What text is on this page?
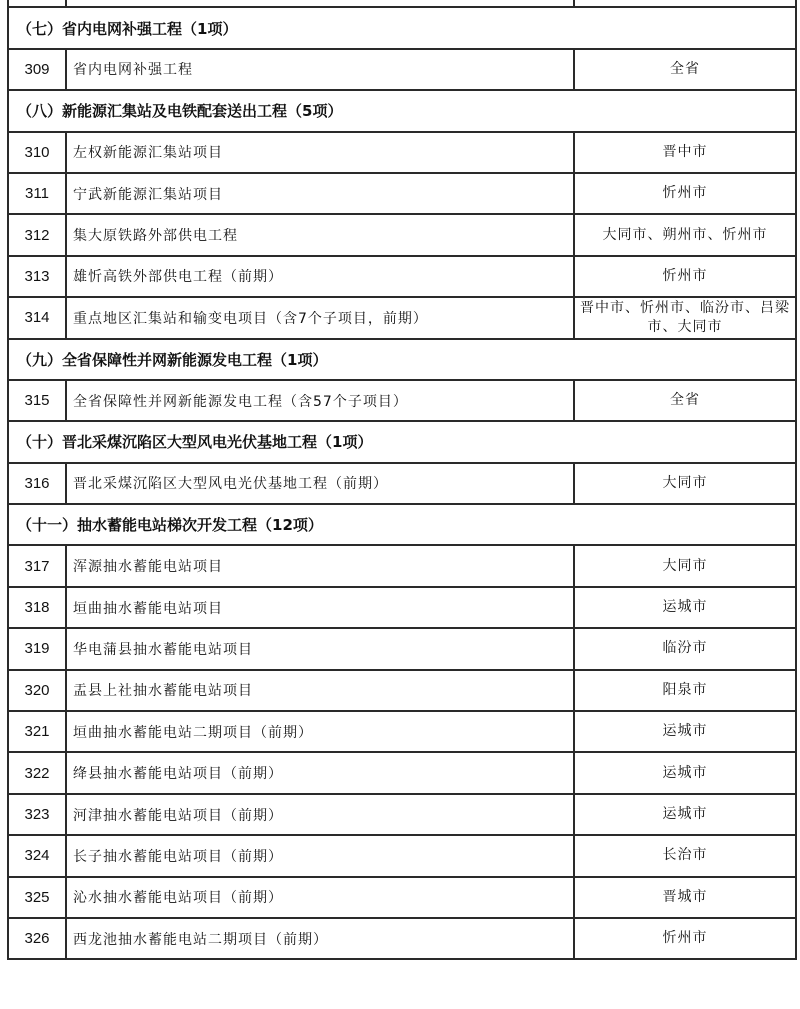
（七）省内电网补强工程（1项）		
309	省内电网补强工程	全省
（八）新能源汇集站及电铁配套送出工程（5项）		
310	左权新能源汇集站项目	晋中市
311	宁武新能源汇集站项目	忻州市
312	集大原铁路外部供电工程	大同市、朔州市、忻州市
313	雄忻高铁外部供电工程（前期）	忻州市
314	重点地区汇集站和输变电项目（含7个子项目，前期）	晋中市、忻州市、临汾市、吕梁市、大同市
（九）全省保障性并网新能源发电工程（1项）		
315	全省保障性并网新能源发电工程（含57个子项目）	全省
（十）晋北采煤沉陷区大型风电光伏基地工程（1项）		
316	晋北采煤沉陷区大型风电光伏基地工程（前期）	大同市
（十一）抽水蓄能电站梯次开发工程（12项）		
317	浑源抽水蓄能电站项目	大同市
318	垣曲抽水蓄能电站项目	运城市
319	华电蒲县抽水蓄能电站项目	临汾市
320	盂县上社抽水蓄能电站项目	阳泉市
321	垣曲抽水蓄能电站二期项目（前期）	运城市
322	绛县抽水蓄能电站项目（前期）	运城市
323	河津抽水蓄能电站项目（前期）	运城市
324	长子抽水蓄能电站项目（前期）	长治市
325	沁水抽水蓄能电站项目（前期）	晋城市
326	西龙池抽水蓄能电站二期项目（前期）	忻州市
